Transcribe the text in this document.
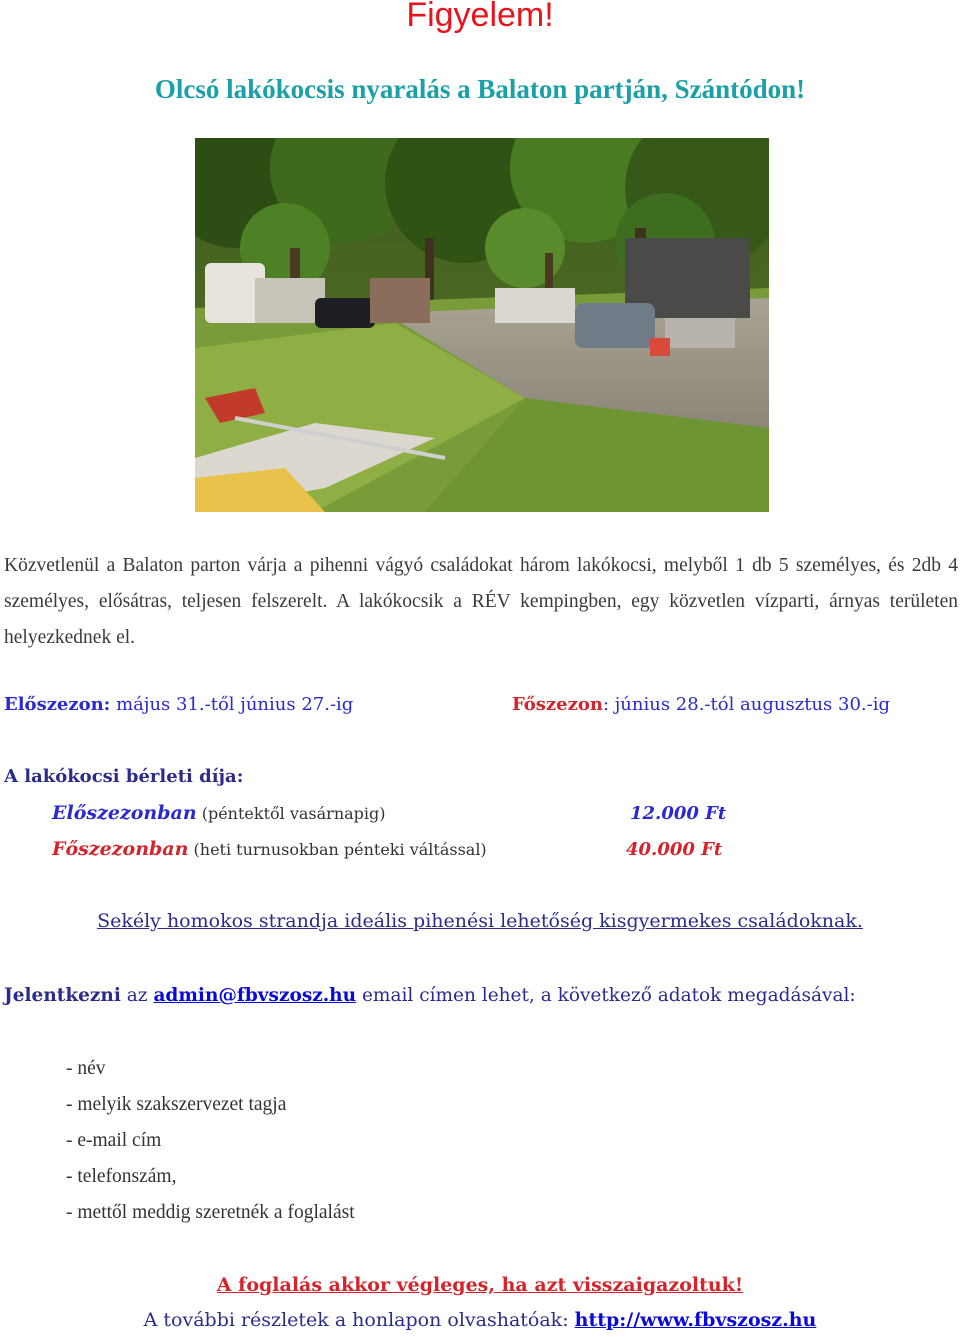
Figyelem!
Olcsó lakókocsis nyaralás a Balaton partján, Szántódon!
Közvetlenül a Balaton parton várja a pihenni vágyó családokat három lakókocsi, melyből 1 db 5 személyes, és 2db 4 személyes, elősátras, teljesen felszerelt. A lakókocsik a RÉV kempingben, egy közvetlen vízparti, árnyas területen helyezkednek el.
Előszezon: május 31.-től június 27.-ig	Főszezon: június 28.-tól augusztus 30.-ig
A lakókocsi bérleti díja:
Előszezonban (péntektől vasárnapig)	12.000 Ft
Főszezonban (heti turnusokban pénteki váltással)	40.000 Ft
Sekély homokos strandja ideális pihenési lehetőség kisgyermekes családoknak.
Jelentkezni az admin@fbvszosz.hu email címen lehet, a következő adatok megadásával:
- név
- melyik szakszervezet tagja
- e-mail cím
- telefonszám,
- mettől meddig szeretnék a foglalást
A foglalás akkor végleges, ha azt visszaigazoltuk!
A további részletek a honlapon olvashatóak: http://www.fbvszosz.hu
